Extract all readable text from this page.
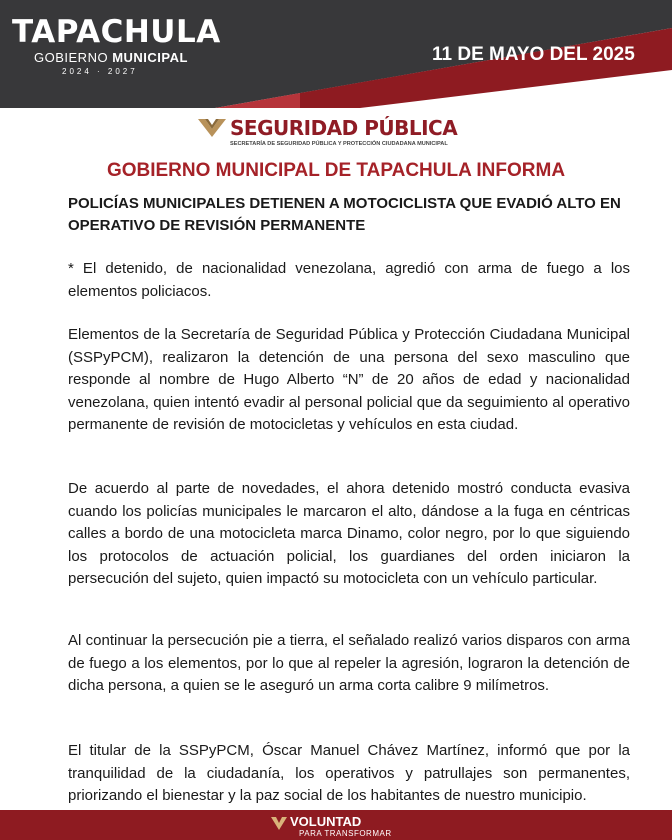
TAPACHULA
GOBIERNO MUNICIPAL
2024 · 2027
11 DE MAYO DEL 2025
SEGURIDAD PÚBLICA
SECRETARÍA DE SEGURIDAD PÚBLICA Y PROTECCIÓN CIUDADANA MUNICIPAL
GOBIERNO MUNICIPAL DE TAPACHULA INFORMA
POLICÍAS MUNICIPALES DETIENEN A MOTOCICLISTA QUE EVADIÓ ALTO EN OPERATIVO DE REVISIÓN PERMANENTE
* El detenido, de nacionalidad venezolana, agredió con arma de fuego a los elementos policiacos.
Elementos de la Secretaría de Seguridad Pública y Protección Ciudadana Municipal (SSPyPCM), realizaron la detención de una persona del sexo masculino que responde al nombre de Hugo Alberto “N” de 20 años de edad y nacionalidad venezolana, quien intentó evadir al personal policial que da seguimiento al operativo permanente de revisión de motocicletas y vehículos en esta ciudad.
De acuerdo al parte de novedades, el ahora detenido mostró conducta evasiva cuando los policías municipales le marcaron el alto, dándose a la fuga en céntricas calles a bordo de una motocicleta marca Dinamo, color negro, por lo que siguiendo los protocolos de actuación policial, los guardianes del orden iniciaron la persecución del sujeto, quien impactó su motocicleta con un vehículo particular.
Al continuar la persecución pie a tierra, el señalado realizó varios disparos con arma de fuego a los elementos, por lo que al repeler la agresión, lograron la detención de dicha persona, a quien se le aseguró un arma corta calibre 9 milímetros.
El titular de la SSPyPCM, Óscar Manuel Chávez Martínez, informó que por la tranquilidad de la ciudadanía, los operativos y patrullajes son permanentes, priorizando el bienestar y la paz social de los habitantes de nuestro municipio.
VOLUNTAD
PARA TRANSFORMAR
